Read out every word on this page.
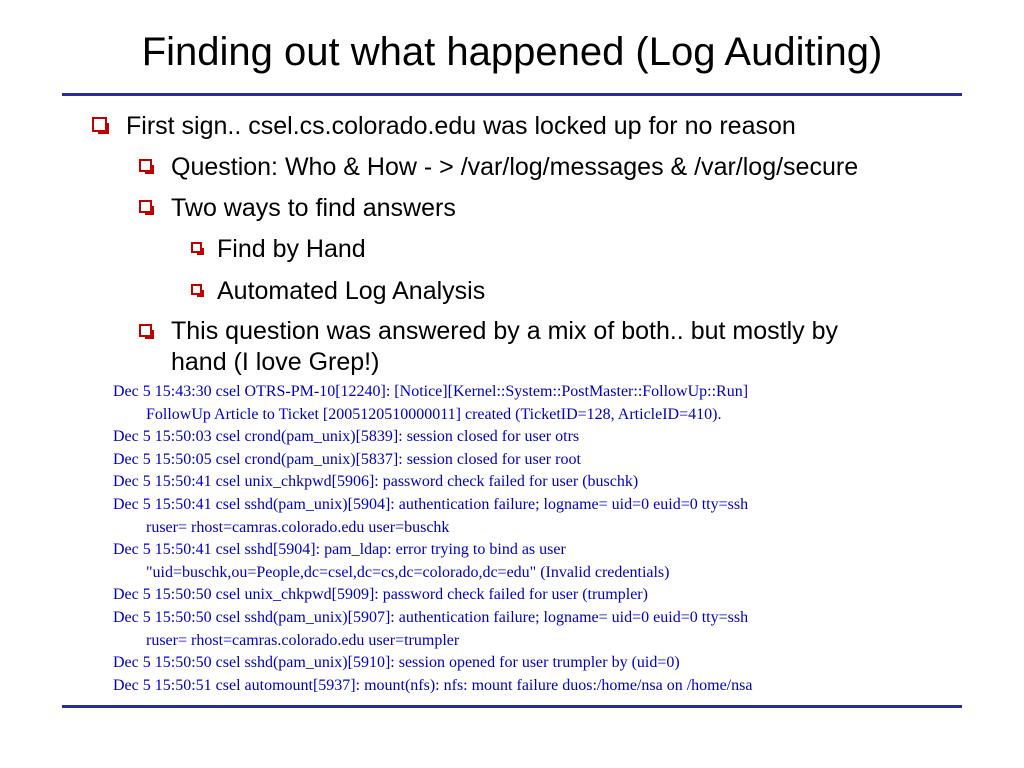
Finding out what happened (Log Auditing)
First sign.. csel.cs.colorado.edu was locked up for no reason
Question: Who & How - > /var/log/messages & /var/log/secure
Two ways to find answers
Find by Hand
Automated Log Analysis
This question was answered by a mix of both.. but mostly by
hand (I love Grep!)
Dec 5 15:43:30 csel OTRS-PM-10[12240]: [Notice][Kernel::System::PostMaster::FollowUp::Run]
FollowUp Article to Ticket [2005120510000011] created (TicketID=128, ArticleID=410).
Dec 5 15:50:03 csel crond(pam_unix)[5839]: session closed for user otrs
Dec 5 15:50:05 csel crond(pam_unix)[5837]: session closed for user root
Dec 5 15:50:41 csel unix_chkpwd[5906]: password check failed for user (buschk)
Dec 5 15:50:41 csel sshd(pam_unix)[5904]: authentication failure; logname= uid=0 euid=0 tty=ssh
ruser= rhost=camras.colorado.edu user=buschk
Dec 5 15:50:41 csel sshd[5904]: pam_ldap: error trying to bind as user
"uid=buschk,ou=People,dc=csel,dc=cs,dc=colorado,dc=edu" (Invalid credentials)
Dec 5 15:50:50 csel unix_chkpwd[5909]: password check failed for user (trumpler)
Dec 5 15:50:50 csel sshd(pam_unix)[5907]: authentication failure; logname= uid=0 euid=0 tty=ssh
ruser= rhost=camras.colorado.edu user=trumpler
Dec 5 15:50:50 csel sshd(pam_unix)[5910]: session opened for user trumpler by (uid=0)
Dec 5 15:50:51 csel automount[5937]: mount(nfs): nfs: mount failure duos:/home/nsa on /home/nsa
